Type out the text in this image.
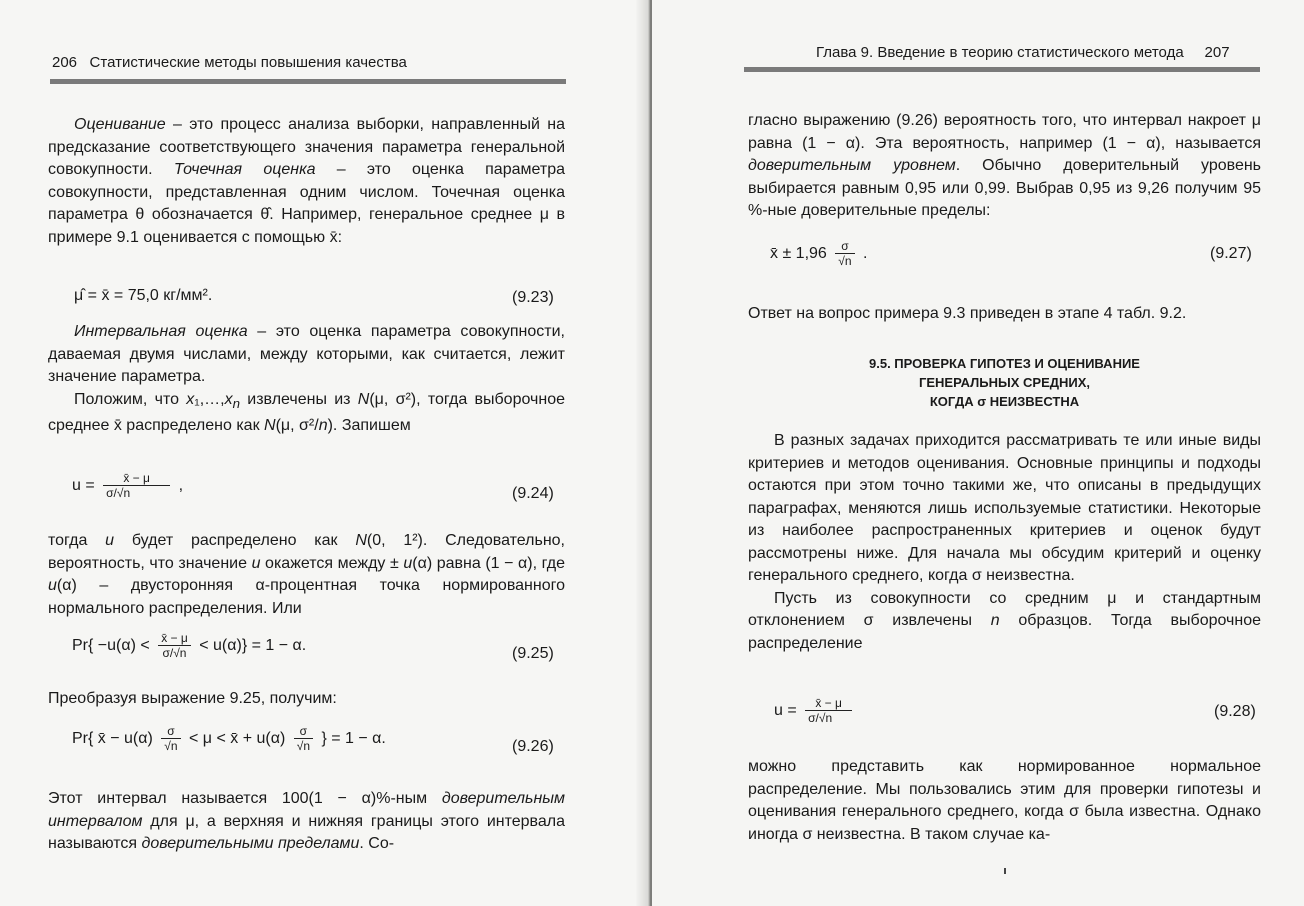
206 Статистические методы повышения качества

Оценивание – это процесс анализа выборки, направленный на предсказание соответствующего значения параметра генеральной совокупности. Точечная оценка – это оценка параметра совокупности, представленная одним числом. Точечная оценка параметра θ обозначается θ̂. Например, генеральное среднее μ в примере 9.1 оценивается с помощью x̄:

μ̂ = x̄ = 75,0 кг/мм².	(9.23)

Интервальная оценка – это оценка параметра совокупности, даваемая двумя числами, между которыми, как считается, лежит значение параметра.

Положим, что $x_1,\dots,x_n$ извлечены из N(μ, σ²), тогда выборочное среднее x̄ распределено как N(μ, σ²/n). Запишем

$u = \frac{x̄ - \mu}{\sigma/√n}$ ,	(9.24)

тогда u будет распределено как N(0, 1²). Следовательно, вероятность, что значение u окажется между ± u(α) равна (1 − α), где u(α) – двусторонняя α-процентная точка нормированного нормального распределения. Или

$Pr\{ -u(\alpha) < \frac{x̄ - \mu}{\sigma/√n} < u(\alpha)\} = 1 - \alpha$.	(9.25)

Преобразуя выражение 9.25, получим:

Pr{ x̄ − $u(\alpha) \frac{\sigma}{√n} < \mu$ < x̄ + $u(\alpha) \frac{\sigma}{√n}$ } = 1 − α.	(9.26)

Этот интервал называется 100(1 − α)%-ным доверительным интервалом для μ, а верхняя и нижняя границы этого интервала называются доверительными пределами. Со-

Глава 9. Введение в теорию статистического метода 207

гласно выражению (9.26) вероятность того, что интервал накроет μ равна (1 − α). Эта вероятность, например (1 − α), называется доверительным уровнем. Обычно доверительный уровень выбирается равным 0,95 или 0,99. Выбрав 0,95 из 9,26 получим 95 %-ные доверительные пределы:

x̄ ± $1,96 \frac{\sigma}{√n}$ .	(9.27)

Ответ на вопрос примера 9.3 приведен в этапе 4 табл. 9.2.

9.5. ПРОВЕРКА ГИПОТЕЗ И ОЦЕНИВАНИЕ
ГЕНЕРАЛЬНЫХ СРЕДНИХ,
КОГДА σ НЕИЗВЕСТНА

В разных задачах приходится рассматривать те или иные виды критериев и методов оценивания. Основные принципы и подходы остаются при этом точно такими же, что описаны в предыдущих параграфах, меняются лишь используемые статистики. Некоторые из наиболее распространенных критериев и оценок будут рассмотрены ниже. Для начала мы обсудим критерий и оценку генерального среднего, когда σ неизвестна.

Пусть из совокупности со средним μ и стандартным отклонением σ извлечены n образцов. Тогда выборочное распределение

$u = \frac{x̄ - \mu}{\sigma/√n}$	(9.28)

можно представить как нормированное нормальное распределение. Мы пользовались этим для проверки гипотезы и оценивания генерального среднего, когда σ была известна. Однако иногда σ неизвестна. В таком случае ка-
